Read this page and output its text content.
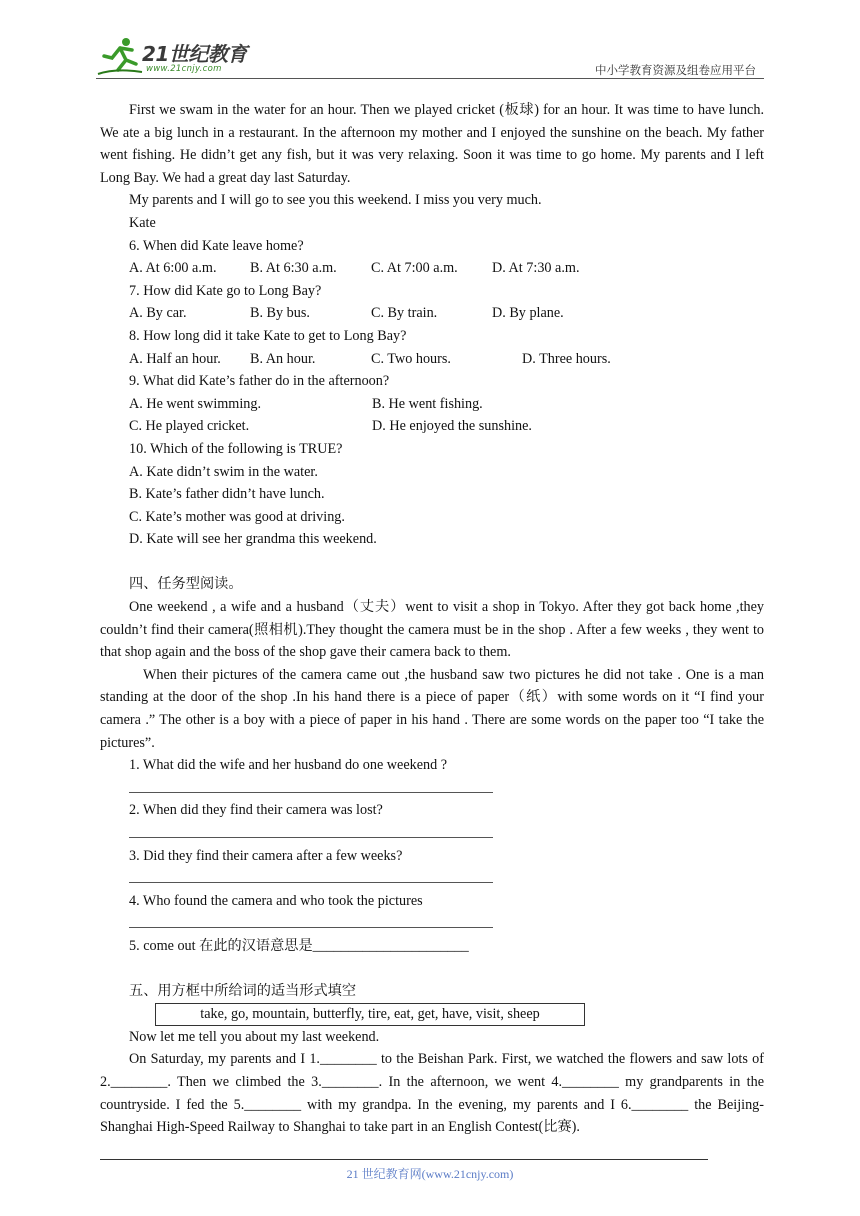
21世纪教育
www.21cnjy.com	中小学教育资源及组卷应用平台

First we swam in the water for an hour. Then we played cricket (板球) for an hour. It was time to have lunch. We ate a big lunch in a restaurant. In the afternoon my mother and I enjoyed the sunshine on the beach. My father went fishing. He didn’t get any fish, but it was very relaxing. Soon it was time to go home. My parents and I left Long Bay. We had a great day last Saturday.

My parents and I will go to see you this weekend. I miss you very much.

Kate

6. When did Kate leave home?

A. At 6:00 a.m.	B. At 6:30 a.m.	C. At 7:00 a.m.	D. At 7:30 a.m.

7. How did Kate go to Long Bay?

A. By car.	B. By bus.	C. By train.	D. By plane.

8. How long did it take Kate to get to Long Bay?

A. Half an hour.	B. An hour.	C. Two hours.	D. Three hours.

9. What did Kate’s father do in the afternoon?

A. He went swimming.	B. He went fishing.
C. He played cricket.	D. He enjoyed the sunshine.

10. Which of the following is TRUE?

A. Kate didn’t swim in the water.

B. Kate’s father didn’t have lunch.

C. Kate’s mother was good at driving.

D. Kate will see her grandma this weekend.

四、任务型阅读。

One weekend , a wife and a husband（丈夫）went to visit a shop in Tokyo. After they got back home ,they couldn’t find their camera(照相机).They thought the camera must be in the shop . After a few weeks , they went to that shop again and the boss of the shop gave their camera back to them.

When their pictures of the camera came out ,the husband saw two pictures he did not take . One is a man standing at the door of the shop .In his hand there is a piece of paper（纸）with some words on it “I find your camera .” The other is a boy with a piece of paper in his hand . There are some words on the paper too “I take the pictures”.

1. What did the wife and her husband do one weekend ?

2. When did they find their camera was lost?

3. Did they find their camera after a few weeks?

4. Who found the camera and who took the pictures

5. come out 在此的汉语意思是______________________

五、用方框中所给词的适当形式填空

take, go, mountain, butterfly, tire, eat, get, have, visit, sheep

Now let me tell you about my last weekend.

On Saturday, my parents and I 1.________ to the Beishan Park. First, we watched the flowers and saw lots of 2.________. Then we climbed the 3.________. In the afternoon, we went 4.________ my grandparents in the countryside. I fed the 5.________ with my grandpa. In the evening, my parents and I 6.________ the Beijing-Shanghai High-Speed Railway to Shanghai to take part in an English Contest(比赛).

21 世纪教育网(www.21cnjy.com)
